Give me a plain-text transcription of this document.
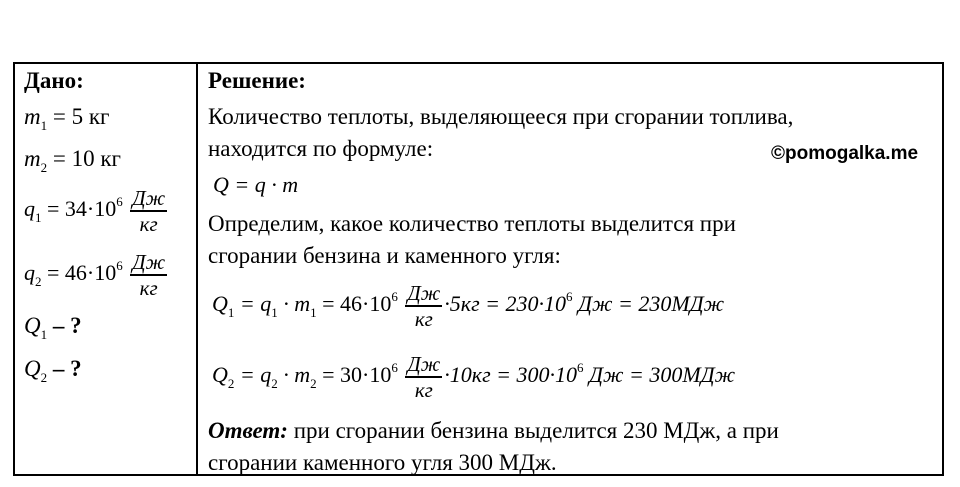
Дано:
$m_1 = 5$ кг
$m_2 = 10$ кг
$q_1 = 34\cdot 10^6 \frac{Дж}{кг}$
$q_2 = 46\cdot 10^6 \frac{Дж}{кг}$
$Q_1$ – ?
$Q_2$ – ?
Решение:
Количество теплоты, выделяющееся при сгорании топлива,
находится по формуле:	©pomogalka.me
Q = q · m
Определим, какое количество теплоты выделится при
сгорании бензина и каменного угля:
$Q_1 = q_1 \cdot m_1 = 46\cdot 10^6 \frac{Дж}{кг} \cdot 5кг = 230\cdot 10^6$ Дж = 230МДж
$Q_2 = q_2 \cdot m_2 = 30\cdot 10^6 \frac{Дж}{кг} \cdot 10кг = 300\cdot 10^6$ Дж = 300МДж
Ответ: при сгорании бензина выделится 230 МДж, а при
сгорании каменного угля 300 МДж.
